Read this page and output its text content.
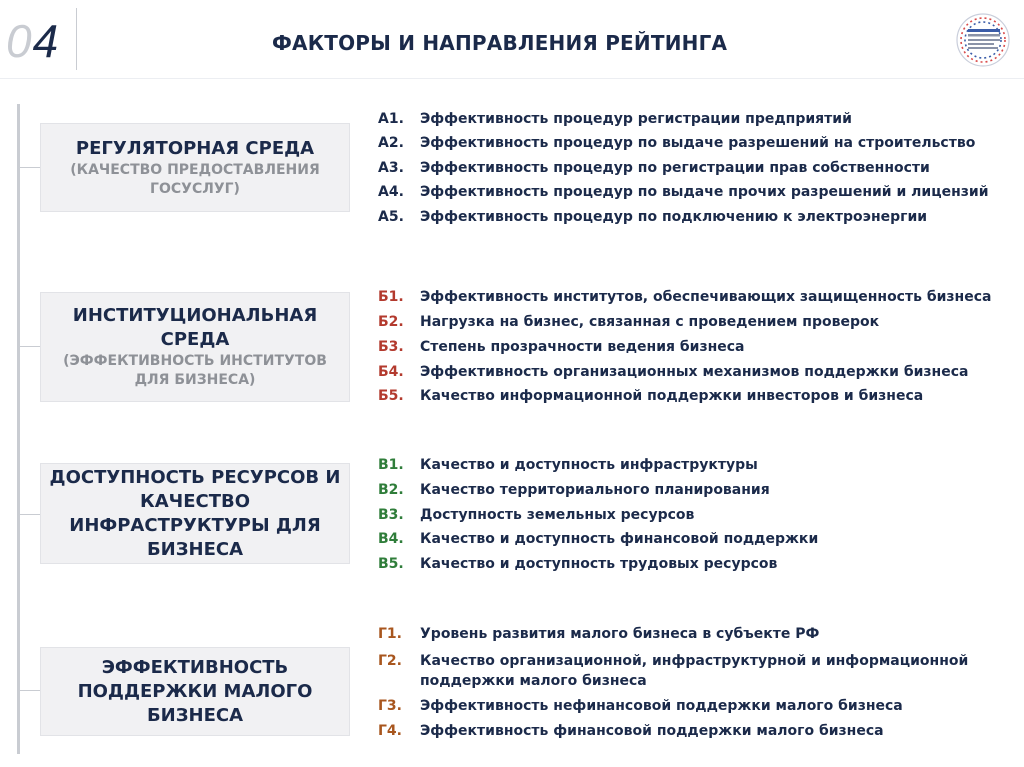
04	ФАКТОРЫ И НАПРАВЛЕНИЯ РЕЙТИНГА
РЕГУЛЯТОРНАЯ СРЕДА
(КАЧЕСТВО ПРЕДОСТАВЛЕНИЯ ГОСУСЛУГ)
ИНСТИТУЦИОНАЛЬНАЯ СРЕДА
(ЭФФЕКТИВНОСТЬ ИНСТИТУТОВ ДЛЯ БИЗНЕСА)
ДОСТУПНОСТЬ РЕСУРСОВ И КАЧЕСТВО ИНФРАСТРУКТУРЫ ДЛЯ БИЗНЕСА
ЭФФЕКТИВНОСТЬ ПОДДЕРЖКИ МАЛОГО БИЗНЕСА
А1.	Эффективность процедур регистрации предприятий
А2.	Эффективность процедур по выдаче разрешений на строительство
А3.	Эффективность процедур по регистрации прав собственности
А4.	Эффективность процедур по выдаче прочих разрешений и лицензий
А5.	Эффективность процедур по подключению к электроэнергии
Б1.	Эффективность институтов, обеспечивающих защищенность бизнеса
Б2.	Нагрузка на бизнес, связанная с проведением проверок
Б3.	Степень прозрачности ведения бизнеса
Б4.	Эффективность организационных механизмов поддержки бизнеса
Б5.	Качество информационной поддержки инвесторов и бизнеса
В1.	Качество и доступность инфраструктуры
В2.	Качество территориального планирования
В3.	Доступность земельных ресурсов
В4.	Качество и доступность финансовой поддержки
В5.	Качество и доступность трудовых ресурсов
Г1.	Уровень развития малого бизнеса в субъекте РФ
Г2.	Качество организационной, инфраструктурной и информационной поддержки малого бизнеса
Г3.	Эффективность нефинансовой поддержки малого бизнеса
Г4.	Эффективность финансовой поддержки малого бизнеса
